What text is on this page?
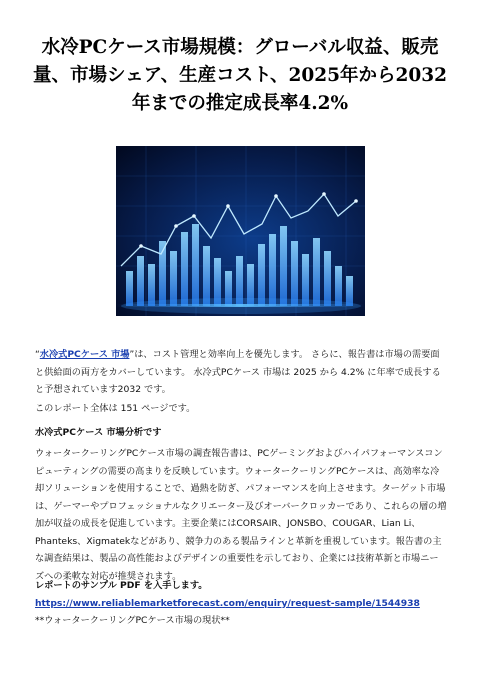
水冷PCケース市場規模：グローバル収益、販売量、市場シェア、生産コスト、2025年から2032年までの推定成長率4.2%
“水冷式PCケース 市場”は、コスト管理と効率向上を優先します。 さらに、報告書は市場の需要面と供給面の両方をカバーしています。 水冷式PCケース 市場は 2025 から 4.2% に年率で成長すると予想されています2032 です。
このレポート全体は 151 ページです。
水冷式PCケース 市場分析です
ウォータークーリングPCケース市場の調査報告書は、PCゲーミングおよびハイパフォーマンスコンピューティングの需要の高まりを反映しています。ウォータークーリングPCケースは、高効率な冷却ソリューションを使用することで、過熱を防ぎ、パフォーマンスを向上させます。ターゲット市場は、ゲーマーやプロフェッショナルなクリエーター及びオーバークロッカーであり、これらの層の増加が収益の成長を促進しています。主要企業にはCORSAIR、JONSBO、COUGAR、Lian Li、Phanteks、Xigmatekなどがあり、競争力のある製品ラインと革新を重視しています。報告書の主な調査結果は、製品の高性能およびデザインの重要性を示しており、企業には技術革新と市場ニーズへの柔軟な対応が推奨されます。
レポートのサンプル PDF を入手します。 https://www.reliablemarketforecast.com/enquiry/request-sample/1544938
**ウォータークーリングPCケース市場の現状**
